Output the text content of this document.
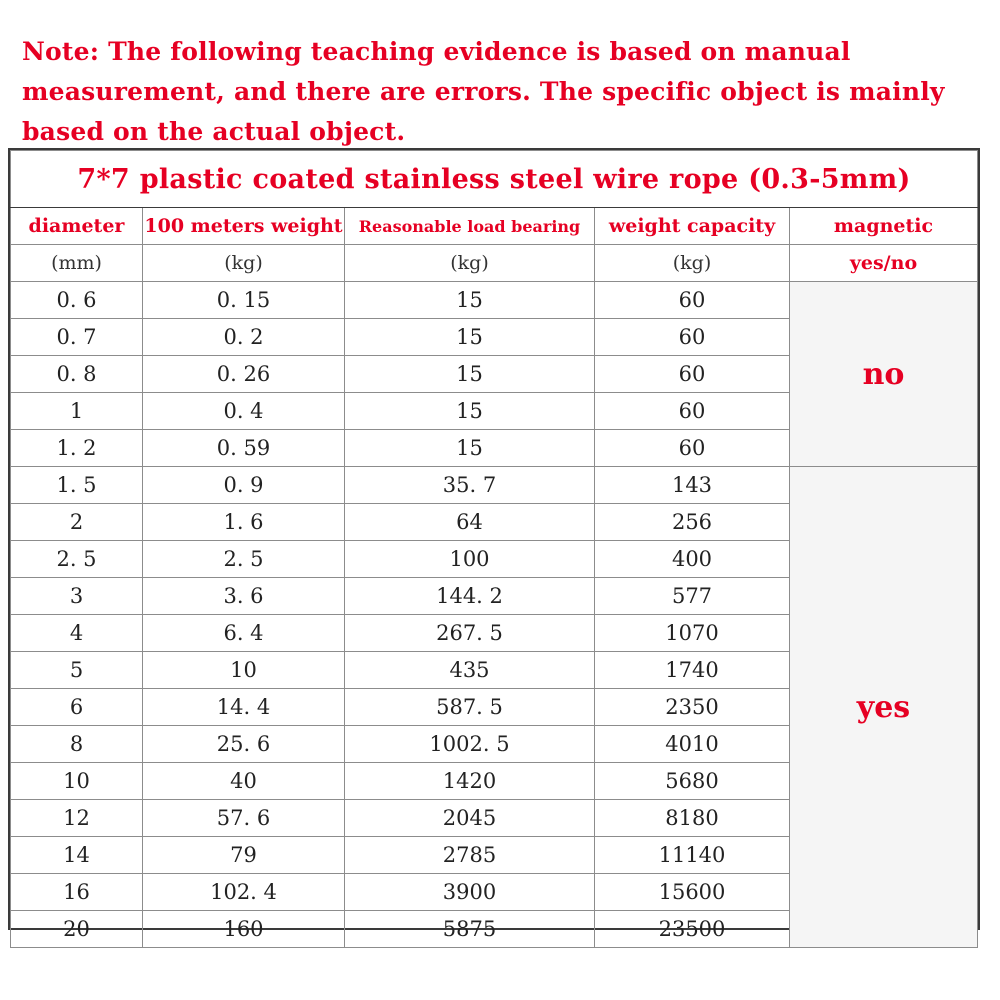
Note: The following teaching evidence is based on manual
measurement, and there are errors. The specific object is mainly
based on the actual object.
7*7 plastic coated stainless steel wire rope (0.3-5mm)				
diameter	100 meters weight	Reasonable load bearing	weight capacity	magnetic
(mm)	(kg)	(kg)	(kg)	yes/no
0. 6	0. 15	15	60	no
0. 7	0. 2	15	60	
0. 8	0. 26	15	60	
1	0. 4	15	60	
1. 2	0. 59	15	60	
1. 5	0. 9	35. 7	143	yes
2	1. 6	64	256	
2. 5	2. 5	100	400	
3	3. 6	144. 2	577	
4	6. 4	267. 5	1070	
5	10	435	1740	
6	14. 4	587. 5	2350	
8	25. 6	1002. 5	4010	
10	40	1420	5680	
12	57. 6	2045	8180	
14	79	2785	11140	
16	102. 4	3900	15600	
20	160	5875	23500	
